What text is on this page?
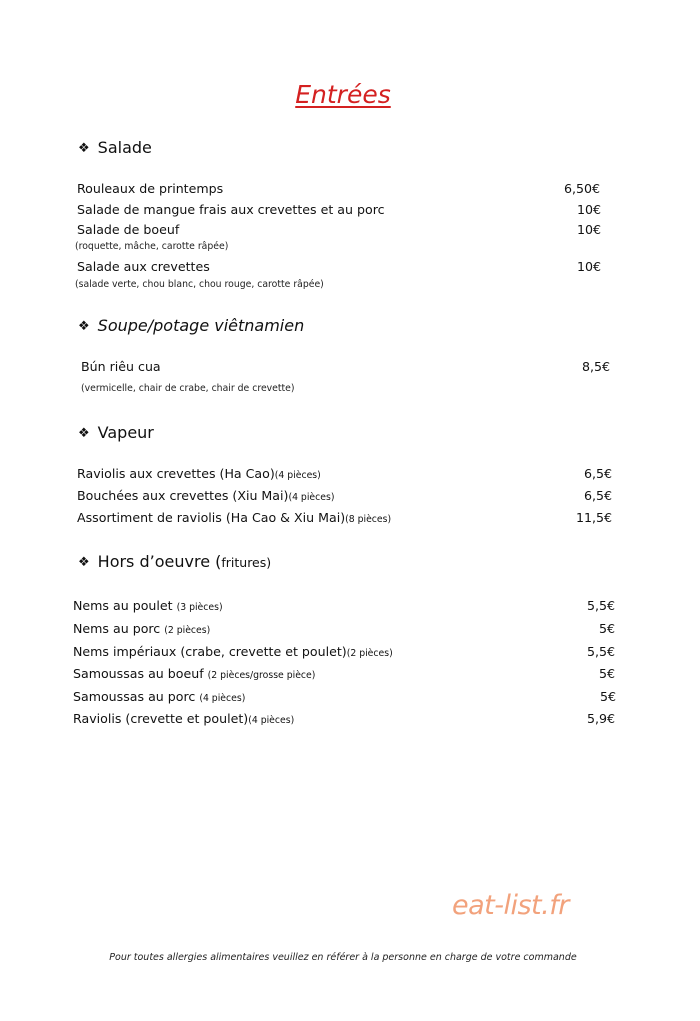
Entrées
❖ Salade
Rouleaux de printemps	6,50€
Salade de mangue frais aux crevettes et au porc	10€
Salade de boeuf	10€
(roquette, mâche, carotte râpée)
Salade aux crevettes	10€
(salade verte, chou blanc, chou rouge, carotte râpée)
❖ Soupe/potage viêtnamien
Bún riêu cua	8,5€
(vermicelle, chair de crabe, chair de crevette)
❖ Vapeur
Raviolis aux crevettes (Ha Cao)(4 pièces)	6,5€
Bouchées aux crevettes (Xiu Mai)(4 pièces)	6,5€
Assortiment de raviolis (Ha Cao & Xiu Mai)(8 pièces)	11,5€
❖ Hors d’oeuvre ( fritures)
Nems au poulet (3 pièces)	5,5€
Nems au porc (2 pièces)	5€
Nems impériaux (crabe, crevette et poulet)(2 pièces)	5,5€
Samoussas au boeuf (2 pièces/grosse pièce)	5€
Samoussas au porc (4 pièces)	5€
Raviolis (crevette et poulet)(4 pièces)	5,9€
eat-list.fr
Pour toutes allergies alimentaires veuillez en référer à la personne en charge de votre commande
